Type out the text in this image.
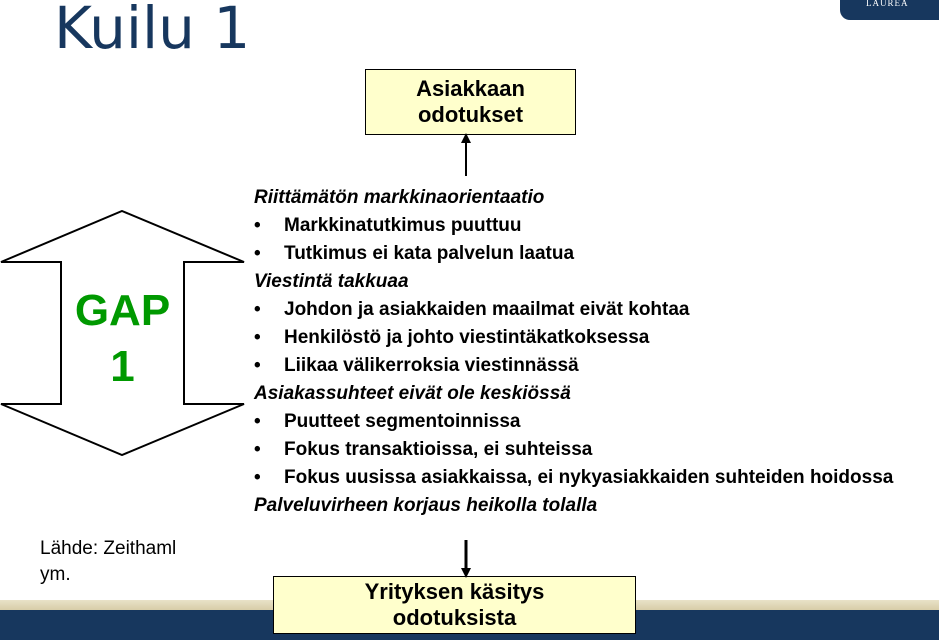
Kuilu 1	LAUREA
Asiakkaan
odotukset
GAP
1
Riittämätön markkinaorientaatio
• Markkinatutkimus puuttuu
• Tutkimus ei kata palvelun laatua
Viestintä takkuaa
• Johdon ja asiakkaiden maailmat eivät kohtaa
• Henkilöstö ja johto viestintäkatkoksessa
• Liikaa välikerroksia viestinnässä
Asiakassuhteet eivät ole keskiössä
• Puutteet segmentoinnissa
• Fokus transaktioissa, ei suhteissa
• Fokus uusissa asiakkaissa, ei nykyasiakkaiden suhteiden hoidossa
Palveluvirheen korjaus heikolla tolalla
Lähde: Zeithaml ym.
Yrityksen käsitys
odotuksista
